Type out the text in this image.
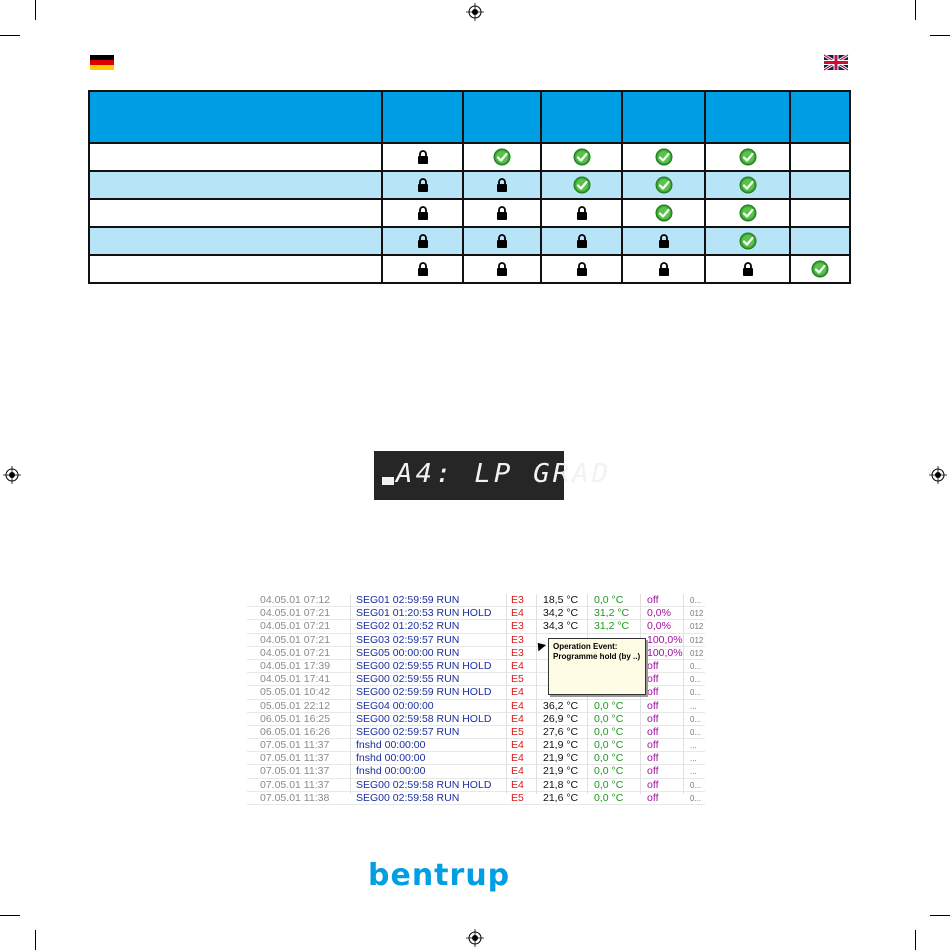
A4: LP GRAD
04.05.01 07:12 SEG01 02:59:59 RUN	E3 18,5 °C 0,0 °C off	0...
04.05.01 07:21 SEG01 01:20:53 RUN HOLD E4 34,2 °C 31,2 °C 0,0% 012
04.05.01 07:21 SEG02 01:20:52 RUN	E3 34,3 °C 31,2 °C 0,0% 012
04.05.01 07:21 SEG03 02:59:57 RUN	E3	100,0% 012
04.05.01 07:21 SEG05 00:00:00 RUN	E3	100,0% 012
04.05.01 17:39 SEG00 02:59:55 RUN HOLD E4	off	0...
04.05.01 17:41 SEG00 02:59:55 RUN	E5	off	0...
05.05.01 10:42 SEG00 02:59:59 RUN HOLD E4	off	0...
05.05.01 22:12 SEG04 00:00:00	E4 36,2 °C 0,0 °C off	...
06.05.01 16:25 SEG00 02:59:58 RUN HOLD E4 26,9 °C 0,0 °C off	0...
06.05.01 16:26 SEG00 02:59:57 RUN	E5 27,6 °C 0,0 °C off	0...
07.05.01 11:37	fnshd 00:00:00	E4 21,9 °C 0,0 °C off	...
07.05.01 11:37	fnshd 00:00:00	E4 21,9 °C 0,0 °C off	...
07.05.01 11:37	fnshd 00:00:00	E4 21,9 °C 0,0 °C off	...
07.05.01 11:37	SEG00 02:59:58 RUN HOLD E4 21,8 °C 0,0 °C off	0...
07.05.01 11:38	SEG00 02:59:58 RUN	E5 21,6 °C 0,0 °C off	0...
Operation Event:
Programme hold (by ..)
bentrup
